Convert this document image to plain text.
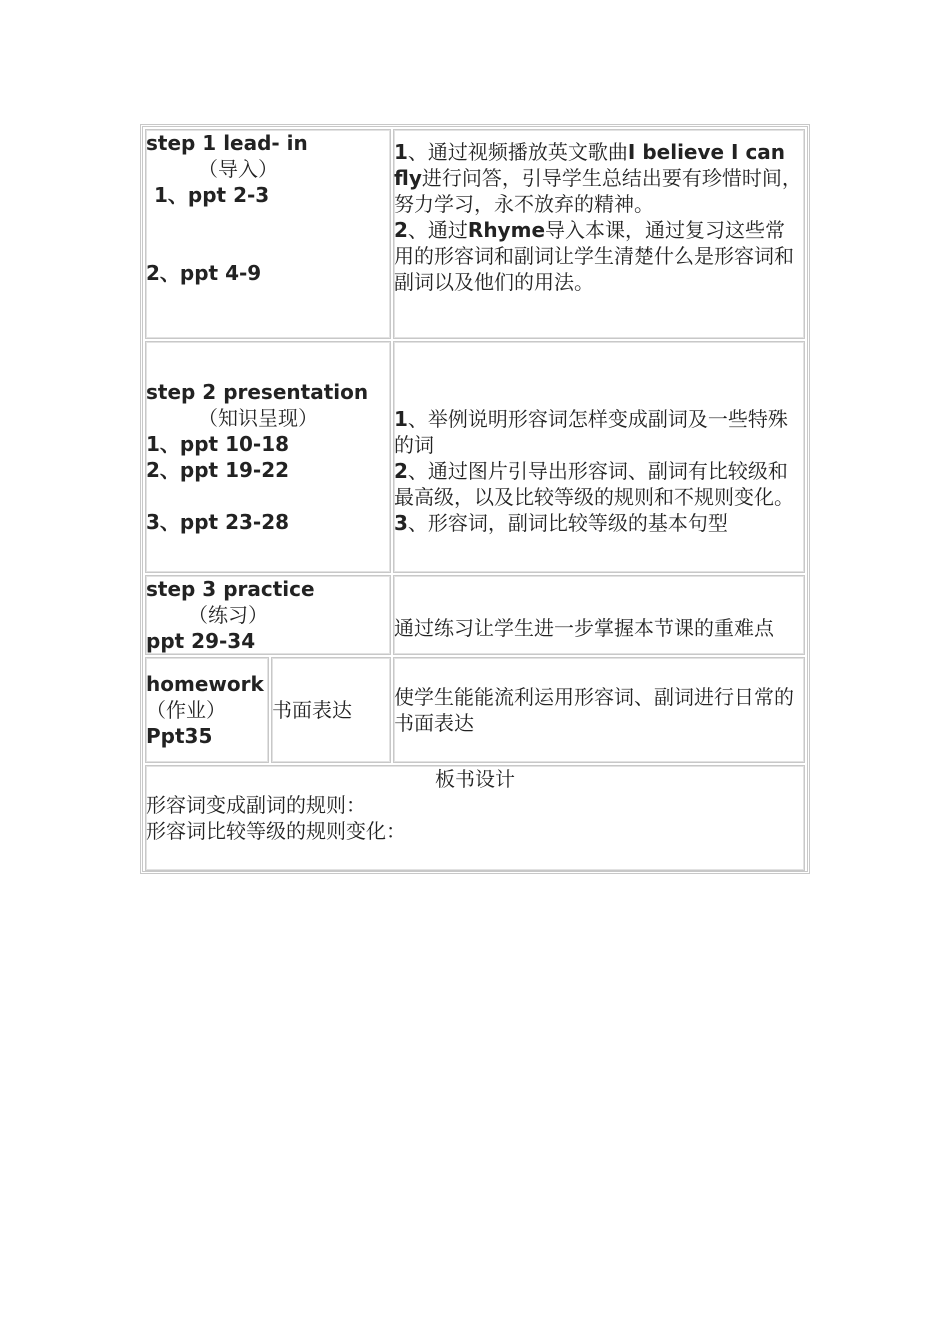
step 1 lead- in
（导入）
1、ppt 2-3
2、ppt 4-9		1、通过视频播放英文歌曲I believe I can fly进行问答，引导学生总结出要有珍惜时间，努力学习，永不放弃的精神。
2、通过Rhyme导入本课，通过复习这些常用的形容词和副词让学生清楚什么是形容词和副词以及他们的用法。

step 2 presentation
（知识呈现）
1、ppt 10-18
2、ppt 19-22
3、ppt 23-28		1、举例说明形容词怎样变成副词及一些特殊的词
2、通过图片引导出形容词、副词有比较级和最高级，以及比较等级的规则和不规则变化。
3、形容词，副词比较等级的基本句型

step 3 practice
（练习）
ppt 29-34		通过练习让学生进一步掌握本节课的重难点

homework
（作业）
Ppt35	书面表达	使学生能能流利运用形容词、副词进行日常的书面表达

板书设计
形容词变成副词的规则：
形容词比较等级的规则变化：		
